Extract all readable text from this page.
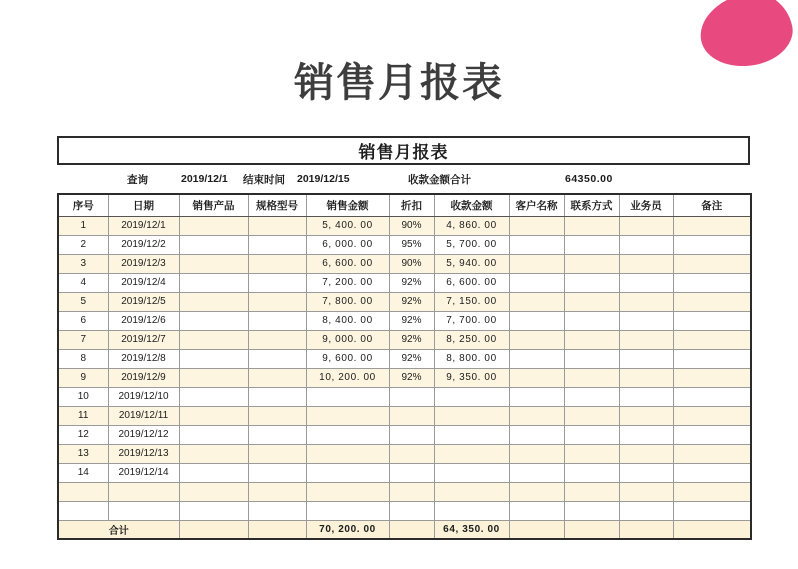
销售月报表
销售月报表
查询	2019/12/1 结束时间 2019/12/15	收款金额合计	64350.00
序号	日期	销售产品	规格型号	销售金额	折扣	收款金额	客户名称	联系方式	业务员	备注
1	2019/12/1			5, 400. 00	90%	4, 860. 00				
2	2019/12/2			6, 000. 00	95%	5, 700. 00				
3	2019/12/3			6, 600. 00	90%	5, 940. 00				
4	2019/12/4			7, 200. 00	92%	6, 600. 00				
5	2019/12/5			7, 800. 00	92%	7, 150. 00				
6	2019/12/6			8, 400. 00	92%	7, 700. 00				
7	2019/12/7			9, 000. 00	92%	8, 250. 00				
8	2019/12/8			9, 600. 00	92%	8, 800. 00				
9	2019/12/9			10, 200. 00	92%	9, 350. 00				
10	2019/12/10									
11	2019/12/11									
12	2019/12/12									
13	2019/12/13									
14	2019/12/14									

合计				70, 200. 00		64, 350. 00				
